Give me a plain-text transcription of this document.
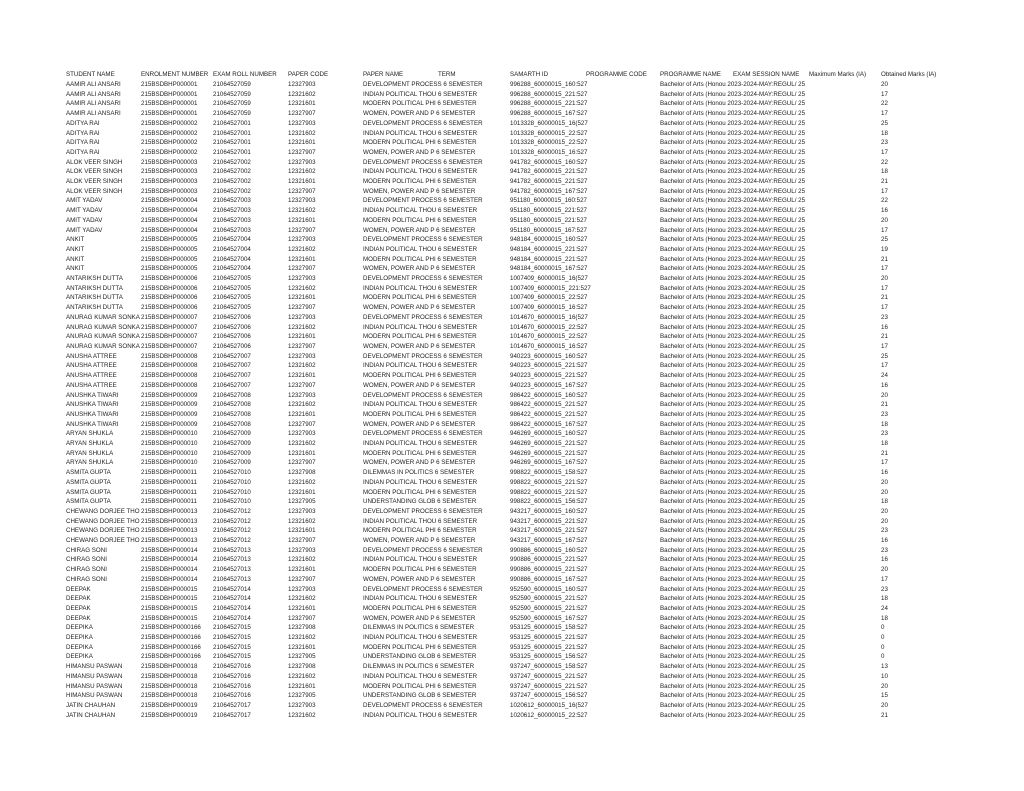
STUDENT NAME	ENROLMENT NUMBER	EXAM ROLL NUMBER	PAPER CODE	PAPER NAME	TERM	SAMARTH ID	PROGRAMME CODE	PROGRAMME NAME	EXAM SESSION NAME	Maximum Marks (IA)	Obtained Marks (IA)
AAMIR ALI ANSARI	215BSDBHP000001	21064527059	12327903	DEVELOPMENT PROCESS 6 SEMESTER		996288_60000015_160:527		Bachelor of Arts (Honou 2023-2024-MAY:REGUL/ 25			20
AAMIR ALI ANSARI	215BSDBHP000001	21064527059	12321602	INDIAN POLITICAL THOU 6 SEMESTER		996288_60000015_221:527		Bachelor of Arts (Honou 2023-2024-MAY:REGUL/ 25			17
AAMIR ALI ANSARI	215BSDBHP000001	21064527059	12321601	MODERN POLITICAL PHI 6 SEMESTER		996288_60000015_221:527		Bachelor of Arts (Honou 2023-2024-MAY:REGUL/ 25			22
AAMIR ALI ANSARI	215BSDBHP000001	21064527059	12327907	WOMEN, POWER AND P 6 SEMESTER		996288_60000015_167:527		Bachelor of Arts (Honou 2023-2024-MAY:REGUL/ 25			17
ADITYA RAI	215BSDBHP000002	21064527001	12327903	DEVELOPMENT PROCESS 6 SEMESTER		1013328_60000015_16(527		Bachelor of Arts (Honou 2023-2024-MAY:REGUL/ 25			25
ADITYA RAI	215BSDBHP000002	21064527001	12321602	INDIAN POLITICAL THOU 6 SEMESTER		1013328_60000015_22:527		Bachelor of Arts (Honou 2023-2024-MAY:REGUL/ 25			18
ADITYA RAI	215BSDBHP000002	21064527001	12321601	MODERN POLITICAL PHI 6 SEMESTER		1013328_60000015_22:527		Bachelor of Arts (Honou 2023-2024-MAY:REGUL/ 25			23
ADITYA RAI	215BSDBHP000002	21064527001	12327907	WOMEN, POWER AND P 6 SEMESTER		1013328_60000015_16:527		Bachelor of Arts (Honou 2023-2024-MAY:REGUL/ 25			17
ALOK VEER SINGH	215BSDBHP000003	21064527002	12327903	DEVELOPMENT PROCESS 6 SEMESTER		941782_60000015_160:527		Bachelor of Arts (Honou 2023-2024-MAY:REGUL/ 25			22
ALOK VEER SINGH	215BSDBHP000003	21064527002	12321602	INDIAN POLITICAL THOU 6 SEMESTER		941782_60000015_221:527		Bachelor of Arts (Honou 2023-2024-MAY:REGUL/ 25			18
ALOK VEER SINGH	215BSDBHP000003	21064527002	12321601	MODERN POLITICAL PHI 6 SEMESTER		941782_60000015_221:527		Bachelor of Arts (Honou 2023-2024-MAY:REGUL/ 25			21
ALOK VEER SINGH	215BSDBHP000003	21064527002	12327907	WOMEN, POWER AND P 6 SEMESTER		941782_60000015_167:527		Bachelor of Arts (Honou 2023-2024-MAY:REGUL/ 25			17
AMIT YADAV	215BSDBHP000004	21064527003	12327903	DEVELOPMENT PROCESS 6 SEMESTER		951180_60000015_160:527		Bachelor of Arts (Honou 2023-2024-MAY:REGUL/ 25			22
AMIT YADAV	215BSDBHP000004	21064527003	12321602	INDIAN POLITICAL THOU 6 SEMESTER		951180_60000015_221:527		Bachelor of Arts (Honou 2023-2024-MAY:REGUL/ 25			16
AMIT YADAV	215BSDBHP000004	21064527003	12321601	MODERN POLITICAL PHI 6 SEMESTER		951180_60000015_221:527		Bachelor of Arts (Honou 2023-2024-MAY:REGUL/ 25			20
AMIT YADAV	215BSDBHP000004	21064527003	12327907	WOMEN, POWER AND P 6 SEMESTER		951180_60000015_167:527		Bachelor of Arts (Honou 2023-2024-MAY:REGUL/ 25			17
ANKIT	215BSDBHP000005	21064527004	12327903	DEVELOPMENT PROCESS 6 SEMESTER		948184_60000015_160:527		Bachelor of Arts (Honou 2023-2024-MAY:REGUL/ 25			25
ANKIT	215BSDBHP000005	21064527004	12321602	INDIAN POLITICAL THOU 6 SEMESTER		948184_60000015_221:527		Bachelor of Arts (Honou 2023-2024-MAY:REGUL/ 25			19
ANKIT	215BSDBHP000005	21064527004	12321601	MODERN POLITICAL PHI 6 SEMESTER		948184_60000015_221:527		Bachelor of Arts (Honou 2023-2024-MAY:REGUL/ 25			21
ANKIT	215BSDBHP000005	21064527004	12327907	WOMEN, POWER AND P 6 SEMESTER		948184_60000015_167:527		Bachelor of Arts (Honou 2023-2024-MAY:REGUL/ 25			17
ANTARIKSH DUTTA	215BSDBHP000006	21064527005	12327903	DEVELOPMENT PROCESS 6 SEMESTER		1007409_60000015_16(527		Bachelor of Arts (Honou 2023-2024-MAY:REGUL/ 25			20
ANTARIKSH DUTTA	215BSDBHP000006	21064527005	12321602	INDIAN POLITICAL THOU 6 SEMESTER		1007409_60000015_221:527		Bachelor of Arts (Honou 2023-2024-MAY:REGUL/ 25			17
ANTARIKSH DUTTA	215BSDBHP000006	21064527005	12321601	MODERN POLITICAL PHI 6 SEMESTER		1007409_60000015_22:527		Bachelor of Arts (Honou 2023-2024-MAY:REGUL/ 25			21
ANTARIKSH DUTTA	215BSDBHP000006	21064527005	12327907	WOMEN, POWER AND P 6 SEMESTER		1007409_60000015_16:527		Bachelor of Arts (Honou 2023-2024-MAY:REGUL/ 25			17
ANURAG KUMAR SONKA	215BSDBHP000007	21064527006	12327903	DEVELOPMENT PROCESS 6 SEMESTER		1014670_60000015_16(527		Bachelor of Arts (Honou 2023-2024-MAY:REGUL/ 25			23
ANURAG KUMAR SONKA	215BSDBHP000007	21064527006	12321602	INDIAN POLITICAL THOU 6 SEMESTER		1014670_60000015_22:527		Bachelor of Arts (Honou 2023-2024-MAY:REGUL/ 25			16
ANURAG KUMAR SONKA	215BSDBHP000007	21064527006	12321601	MODERN POLITICAL PHI 6 SEMESTER		1014670_60000015_22:527		Bachelor of Arts (Honou 2023-2024-MAY:REGUL/ 25			21
ANURAG KUMAR SONKA	215BSDBHP000007	21064527006	12327907	WOMEN, POWER AND P 6 SEMESTER		1014670_60000015_16:527		Bachelor of Arts (Honou 2023-2024-MAY:REGUL/ 25			17
ANUSHA ATTREE	215BSDBHP000008	21064527007	12327903	DEVELOPMENT PROCESS 6 SEMESTER		940223_60000015_160:527		Bachelor of Arts (Honou 2023-2024-MAY:REGUL/ 25			25
ANUSHA ATTREE	215BSDBHP000008	21064527007	12321602	INDIAN POLITICAL THOU 6 SEMESTER		940223_60000015_221:527		Bachelor of Arts (Honou 2023-2024-MAY:REGUL/ 25			17
ANUSHA ATTREE	215BSDBHP000008	21064527007	12321601	MODERN POLITICAL PHI 6 SEMESTER		940223_60000015_221:527		Bachelor of Arts (Honou 2023-2024-MAY:REGUL/ 25			24
ANUSHA ATTREE	215BSDBHP000008	21064527007	12327907	WOMEN, POWER AND P 6 SEMESTER		940223_60000015_167:527		Bachelor of Arts (Honou 2023-2024-MAY:REGUL/ 25			16
ANUSHKA TIWARI	215BSDBHP000009	21064527008	12327903	DEVELOPMENT PROCESS 6 SEMESTER		986422_60000015_160:527		Bachelor of Arts (Honou 2023-2024-MAY:REGUL/ 25			20
ANUSHKA TIWARI	215BSDBHP000009	21064527008	12321602	INDIAN POLITICAL THOU 6 SEMESTER		986422_60000015_221:527		Bachelor of Arts (Honou 2023-2024-MAY:REGUL/ 25			21
ANUSHKA TIWARI	215BSDBHP000009	21064527008	12321601	MODERN POLITICAL PHI 6 SEMESTER		986422_60000015_221:527		Bachelor of Arts (Honou 2023-2024-MAY:REGUL/ 25			23
ANUSHKA TIWARI	215BSDBHP000009	21064527008	12327907	WOMEN, POWER AND P 6 SEMESTER		986422_60000015_167:527		Bachelor of Arts (Honou 2023-2024-MAY:REGUL/ 25			18
ARYAN SHUKLA	215BSDBHP000010	21064527009	12327903	DEVELOPMENT PROCESS 6 SEMESTER		946269_60000015_160:527		Bachelor of Arts (Honou 2023-2024-MAY:REGUL/ 25			23
ARYAN SHUKLA	215BSDBHP000010	21064527009	12321602	INDIAN POLITICAL THOU 6 SEMESTER		946269_60000015_221:527		Bachelor of Arts (Honou 2023-2024-MAY:REGUL/ 25			18
ARYAN SHUKLA	215BSDBHP000010	21064527009	12321601	MODERN POLITICAL PHI 6 SEMESTER		946269_60000015_221:527		Bachelor of Arts (Honou 2023-2024-MAY:REGUL/ 25			21
ARYAN SHUKLA	215BSDBHP000010	21064527009	12327907	WOMEN, POWER AND P 6 SEMESTER		946269_60000015_167:527		Bachelor of Arts (Honou 2023-2024-MAY:REGUL/ 25			17
ASMITA GUPTA	215BSDBHP000011	21064527010	12327908	DILEMMAS IN POLITICS 6 SEMESTER		998822_60000015_158:527		Bachelor of Arts (Honou 2023-2024-MAY:REGUL/ 25			16
ASMITA GUPTA	215BSDBHP000011	21064527010	12321602	INDIAN POLITICAL THOU 6 SEMESTER		998822_60000015_221:527		Bachelor of Arts (Honou 2023-2024-MAY:REGUL/ 25			20
ASMITA GUPTA	215BSDBHP000011	21064527010	12321601	MODERN POLITICAL PHI 6 SEMESTER		998822_60000015_221:527		Bachelor of Arts (Honou 2023-2024-MAY:REGUL/ 25			20
ASMITA GUPTA	215BSDBHP000011	21064527010	12327905	UNDERSTANDING GLOB 6 SEMESTER		998822_60000015_156:527		Bachelor of Arts (Honou 2023-2024-MAY:REGUL/ 25			18
CHEWANG DORJEE THO	215BSDBHP000013	21064527012	12327903	DEVELOPMENT PROCESS 6 SEMESTER		943217_60000015_160:527		Bachelor of Arts (Honou 2023-2024-MAY:REGUL/ 25			20
CHEWANG DORJEE THO	215BSDBHP000013	21064527012	12321602	INDIAN POLITICAL THOU 6 SEMESTER		943217_60000015_221:527		Bachelor of Arts (Honou 2023-2024-MAY:REGUL/ 25			20
CHEWANG DORJEE THO	215BSDBHP000013	21064527012	12321601	MODERN POLITICAL PHI 6 SEMESTER		943217_60000015_221:527		Bachelor of Arts (Honou 2023-2024-MAY:REGUL/ 25			23
CHEWANG DORJEE THO	215BSDBHP000013	21064527012	12327907	WOMEN, POWER AND P 6 SEMESTER		943217_60000015_167:527		Bachelor of Arts (Honou 2023-2024-MAY:REGUL/ 25			16
CHIRAG SONI	215BSDBHP000014	21064527013	12327903	DEVELOPMENT PROCESS 6 SEMESTER		990886_60000015_160:527		Bachelor of Arts (Honou 2023-2024-MAY:REGUL/ 25			23
CHIRAG SONI	215BSDBHP000014	21064527013	12321602	INDIAN POLITICAL THOU 6 SEMESTER		990886_60000015_221:527		Bachelor of Arts (Honou 2023-2024-MAY:REGUL/ 25			16
CHIRAG SONI	215BSDBHP000014	21064527013	12321601	MODERN POLITICAL PHI 6 SEMESTER		990886_60000015_221:527		Bachelor of Arts (Honou 2023-2024-MAY:REGUL/ 25			20
CHIRAG SONI	215BSDBHP000014	21064527013	12327907	WOMEN, POWER AND P 6 SEMESTER		990886_60000015_167:527		Bachelor of Arts (Honou 2023-2024-MAY:REGUL/ 25			17
DEEPAK	215BSDBHP000015	21064527014	12327903	DEVELOPMENT PROCESS 6 SEMESTER		952590_60000015_160:527		Bachelor of Arts (Honou 2023-2024-MAY:REGUL/ 25			23
DEEPAK	215BSDBHP000015	21064527014	12321602	INDIAN POLITICAL THOU 6 SEMESTER		952590_60000015_221:527		Bachelor of Arts (Honou 2023-2024-MAY:REGUL/ 25			18
DEEPAK	215BSDBHP000015	21064527014	12321601	MODERN POLITICAL PHI 6 SEMESTER		952590_60000015_221:527		Bachelor of Arts (Honou 2023-2024-MAY:REGUL/ 25			24
DEEPAK	215BSDBHP000015	21064527014	12327907	WOMEN, POWER AND P 6 SEMESTER		952590_60000015_167:527		Bachelor of Arts (Honou 2023-2024-MAY:REGUL/ 25			18
DEEPIKA	215BSDBHP0000166	21064527015	12327908	DILEMMAS IN POLITICS 6 SEMESTER		953125_60000015_158:527		Bachelor of Arts (Honou 2023-2024-MAY:REGUL/ 25			0
DEEPIKA	215BSDBHP0000166	21064527015	12321602	INDIAN POLITICAL THOU 6 SEMESTER		953125_60000015_221:527		Bachelor of Arts (Honou 2023-2024-MAY:REGUL/ 25			0
DEEPIKA	215BSDBHP0000166	21064527015	12321601	MODERN POLITICAL PHI 6 SEMESTER		953125_60000015_221:527		Bachelor of Arts (Honou 2023-2024-MAY:REGUL/ 25			0
DEEPIKA	215BSDBHP0000166	21064527015	12327905	UNDERSTANDING GLOB 6 SEMESTER		953125_60000015_156:527		Bachelor of Arts (Honou 2023-2024-MAY:REGUL/ 25			0
HIMANSU PASWAN	215BSDBHP000018	21064527016	12327908	DILEMMAS IN POLITICS 6 SEMESTER		937247_60000015_158:527		Bachelor of Arts (Honou 2023-2024-MAY:REGUL/ 25			13
HIMANSU PASWAN	215BSDBHP000018	21064527016	12321602	INDIAN POLITICAL THOU 6 SEMESTER		937247_60000015_221:527		Bachelor of Arts (Honou 2023-2024-MAY:REGUL/ 25			10
HIMANSU PASWAN	215BSDBHP000018	21064527016	12321601	MODERN POLITICAL PHI 6 SEMESTER		937247_60000015_221:527		Bachelor of Arts (Honou 2023-2024-MAY:REGUL/ 25			20
HIMANSU PASWAN	215BSDBHP000018	21064527016	12327905	UNDERSTANDING GLOB 6 SEMESTER		937247_60000015_156:527		Bachelor of Arts (Honou 2023-2024-MAY:REGUL/ 25			15
JATIN CHAUHAN	215BSDBHP000019	21064527017	12327903	DEVELOPMENT PROCESS 6 SEMESTER		1020612_60000015_16(527		Bachelor of Arts (Honou 2023-2024-MAY:REGUL/ 25			20
JATIN CHAUHAN	215BSDBHP000019	21064527017	12321602	INDIAN POLITICAL THOU 6 SEMESTER		1020612_60000015_22:527		Bachelor of Arts (Honou 2023-2024-MAY:REGUL/ 25			21
